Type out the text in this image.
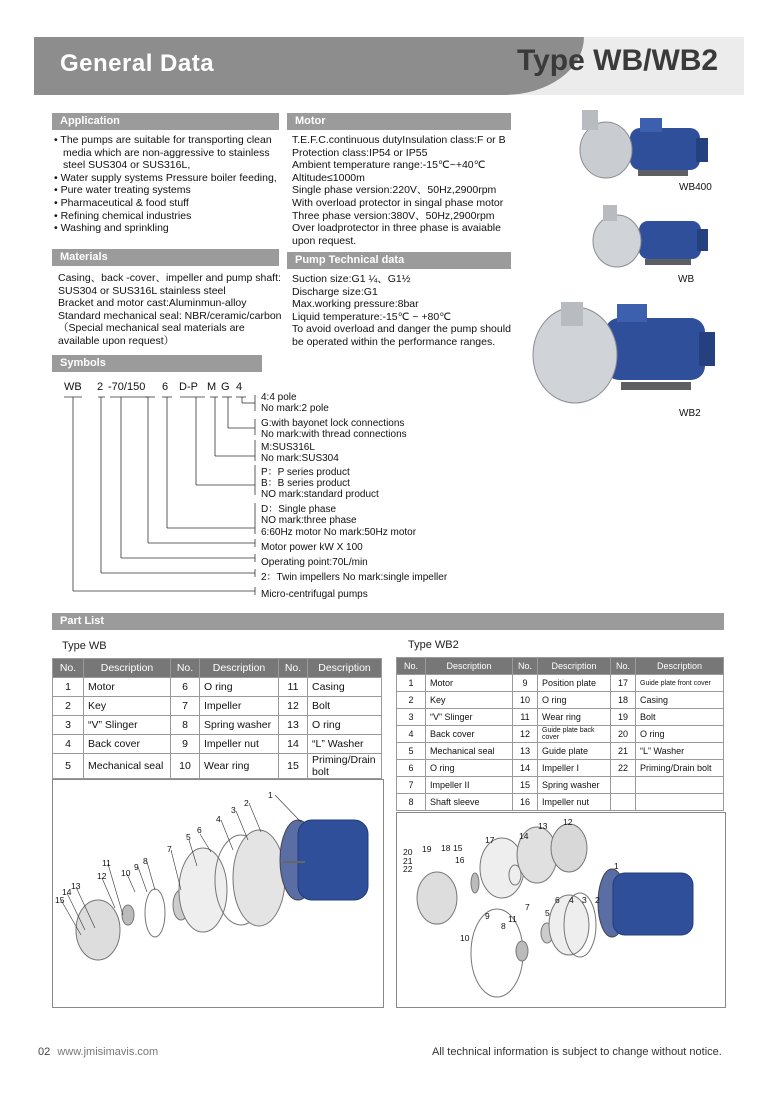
General Data	Type WB/WB2
Application
• The pumps are suitable for transporting clean media which are non-aggressive to stainless steel SUS304 or SUS316L,
• Water supply systems Pressure boiler feeding,
• Pure water treating systems
• Pharmaceutical & food stuff
• Refining chemical industries
• Washing and sprinkling
Motor

T.E.F.C.continuous dutyInsulation class:F or B

Protection class:IP54 or IP55

Ambient temperature range:-15℃~+40℃

Altitude≤1000m

Single phase version:220V、50Hz,2900rpm

With overload protector in singal phase motor

Three phase version:380V、50Hz,2900rpm

Over loadprotector in three phase is avaiable upon request.

Materials

Casing、back -cover、impeller and pump shaft:

SUS304 or SUS316L stainless steel

Bracket and motor cast:Aluminmun-alloy

Standard mechanical seal: NBR/ceramic/carbon

（Special mechanical seal materials are available upon request）

Pump Technical data

Suction size:G1 ¼、G1½

Discharge size:G1

Max.working pressure:8bar

Liquid temperature:-15℃ ~ +80℃

To avoid overload and danger the pump should be operated within the performance ranges.

WB400
WB
WB2
Symbols
WB 2 -70/150 6 D-P M G 4
4:4 pole
No mark:2 pole
G:with bayonet lock connections
No mark:with thread connections
M:SUS316L
No mark:SUS304
P：P series product
B：B series product
NO mark:standard product
D：Single phase
NO mark:three phase
6:60Hz motor No mark:50Hz motor
Motor power kW X 100
Operating point:70L/min
2：Twin impellers No mark:single impeller
Micro-centrifugal pumps
Part List
Type WB
No.	Description	No.	Description	No.	Description
1	Motor	6	O ring	11	Casing
2	Key	7	Impeller	12	Bolt
3	“V” Slinger	8	Spring washer	13	O ring
4	Back cover	9	Impeller nut	14	“L” Washer
5	Mechanical seal	10	Wear ring	15	Priming/Drain bolt
Type WB2
No.	Description	No.	Description	No.	Description
1	Motor	9	Position plate	17	Guide plate front cover

2	Key	10	O ring	18	Casing
3	“V” Slinger	11	Wear ring	19	Bolt
4	Back cover	12	Guide plate back cover	20	O ring
5	Mechanical seal	13	Guide plate	21	“L” Washer
6	O ring	14	Impeller I	22	Priming/Drain bolt
7	Impeller II	15	Spring washer		
8	Shaft sleeve	16	Impeller nut		
1
2
3
4
5
6
7
8
9
10
11
12
13
14
15
1
2
3
4
5
6
7
8
9
10
11
12
13
14
15
16
17
18
19
20
21
22
02 www.jmisimavis.com	All technical information is subject to change without notice.
